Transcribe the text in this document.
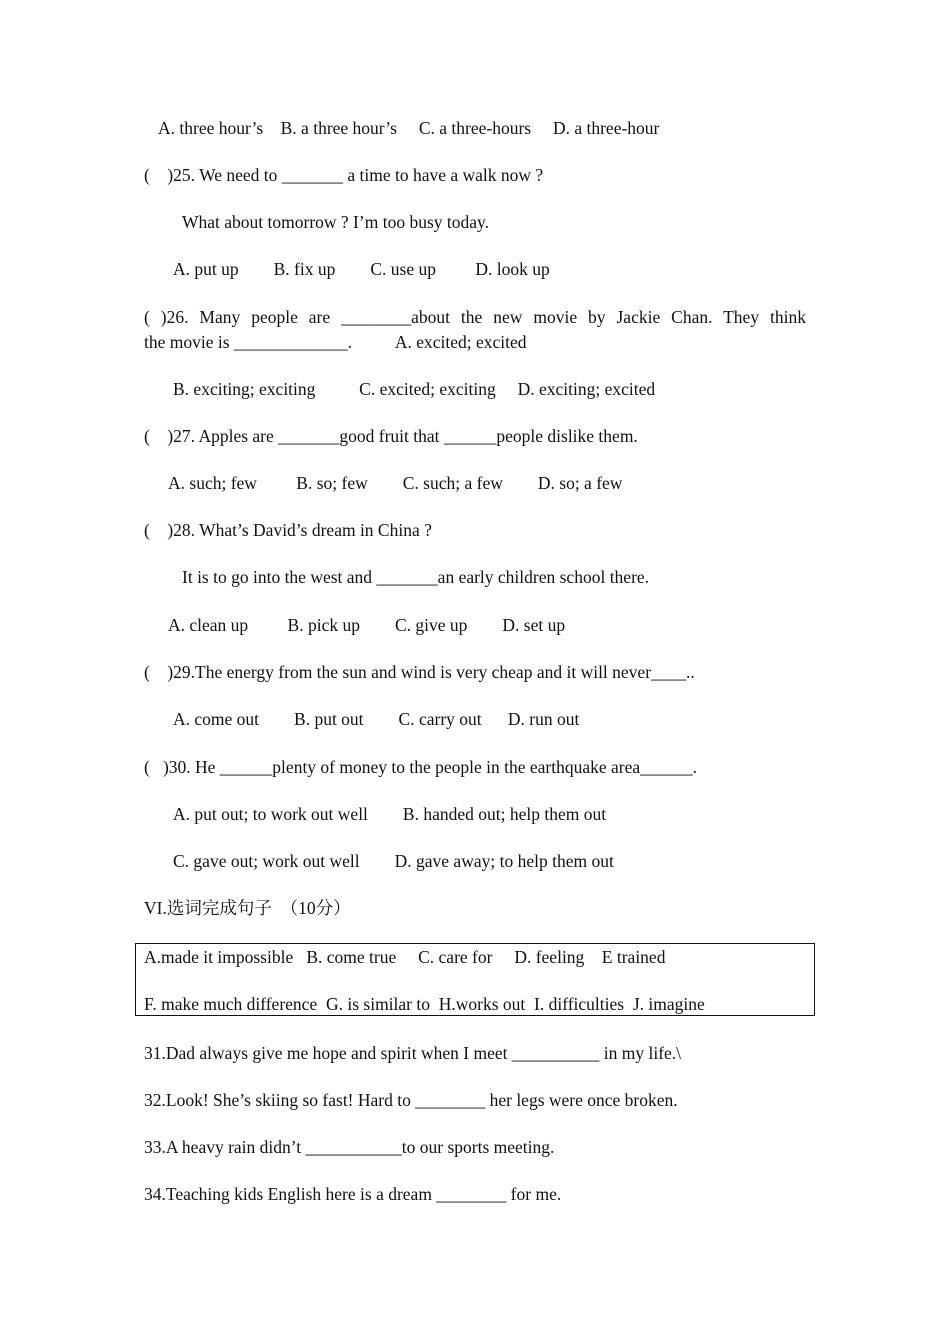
A. three hour’s    B. a three hour’s     C. a three-hours     D. a three-hour
(    )25. We need to _______ a time to have a walk now ?
What about tomorrow ? I’m too busy today.
A. put up        B. fix up        C. use up         D. look up
( )26. Many people are ________about the new movie by Jackie Chan. They think
the movie is _____________.          A. excited; excited
B. exciting; exciting          C. excited; exciting     D. exciting; excited
(    )27. Apples are _______good fruit that ______people dislike them.
A. such; few         B. so; few        C. such; a few        D. so; a few
(    )28. What’s David’s dream in China ?
It is to go into the west and _______an early children school there.
A. clean up         B. pick up        C. give up        D. set up
(    )29.The energy from the sun and wind is very cheap and it will never____..
A. come out        B. put out        C. carry out      D. run out
(   )30. He ______plenty of money to the people in the earthquake area______.
A. put out; to work out well        B. handed out; help them out
C. gave out; work out well        D. gave away; to help them out
VI.选词完成句子  （10分）
A.made it impossible   B. come true     C. care for     D. feeling    E trained
F. make much difference  G. is similar to  H.works out  I. difficulties  J. imagine
31.Dad always give me hope and spirit when I meet __________ in my life.\
32.Look! She’s skiing so fast! Hard to ________ her legs were once broken.
33.A heavy rain didn’t ___________to our sports meeting.
34.Teaching kids English here is a dream ________ for me.
